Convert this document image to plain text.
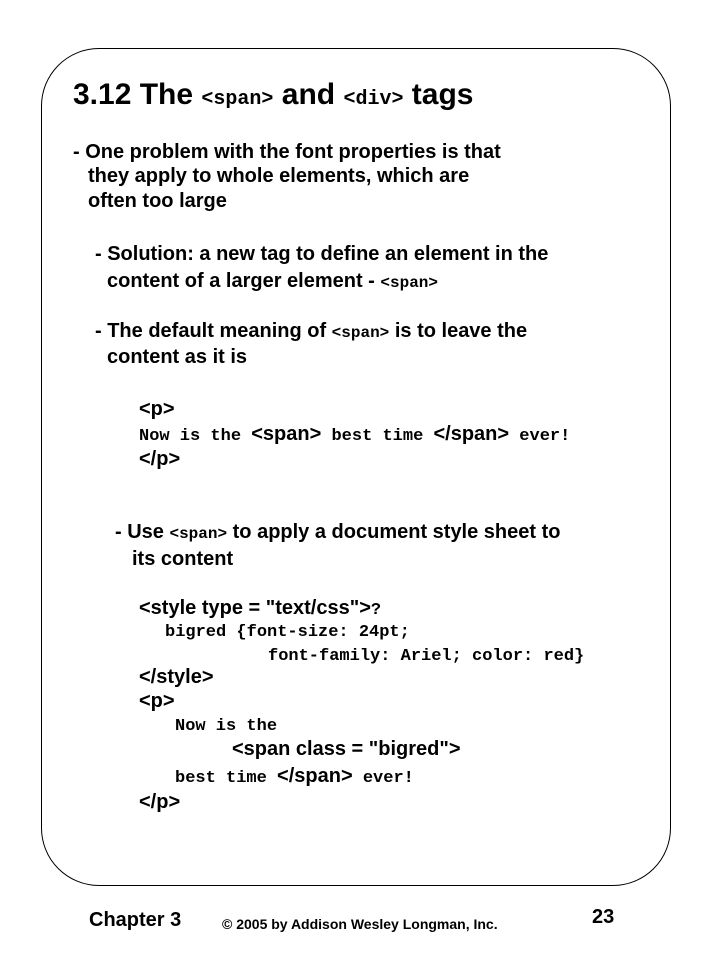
3.12 The <span> and <div> tags
- One problem with the font properties is that
they apply to whole elements, which are
often too large
- Solution: a new tag to define an element in the
content of a larger element - <span>
- The default meaning of <span> is to leave the
content as it is
<p>
Now is the <span> best time </span> ever!
</p>
- Use <span> to apply a document style sheet to
its content
<style type = "text/css">?
bigred {font-size: 24pt;
font-family: Ariel; color: red}
</style>
<p>
Now is the
<span class = "bigred">
best time </span> ever!
</p>
Chapter 3	© 2005 by Addison Wesley Longman, Inc.	23
